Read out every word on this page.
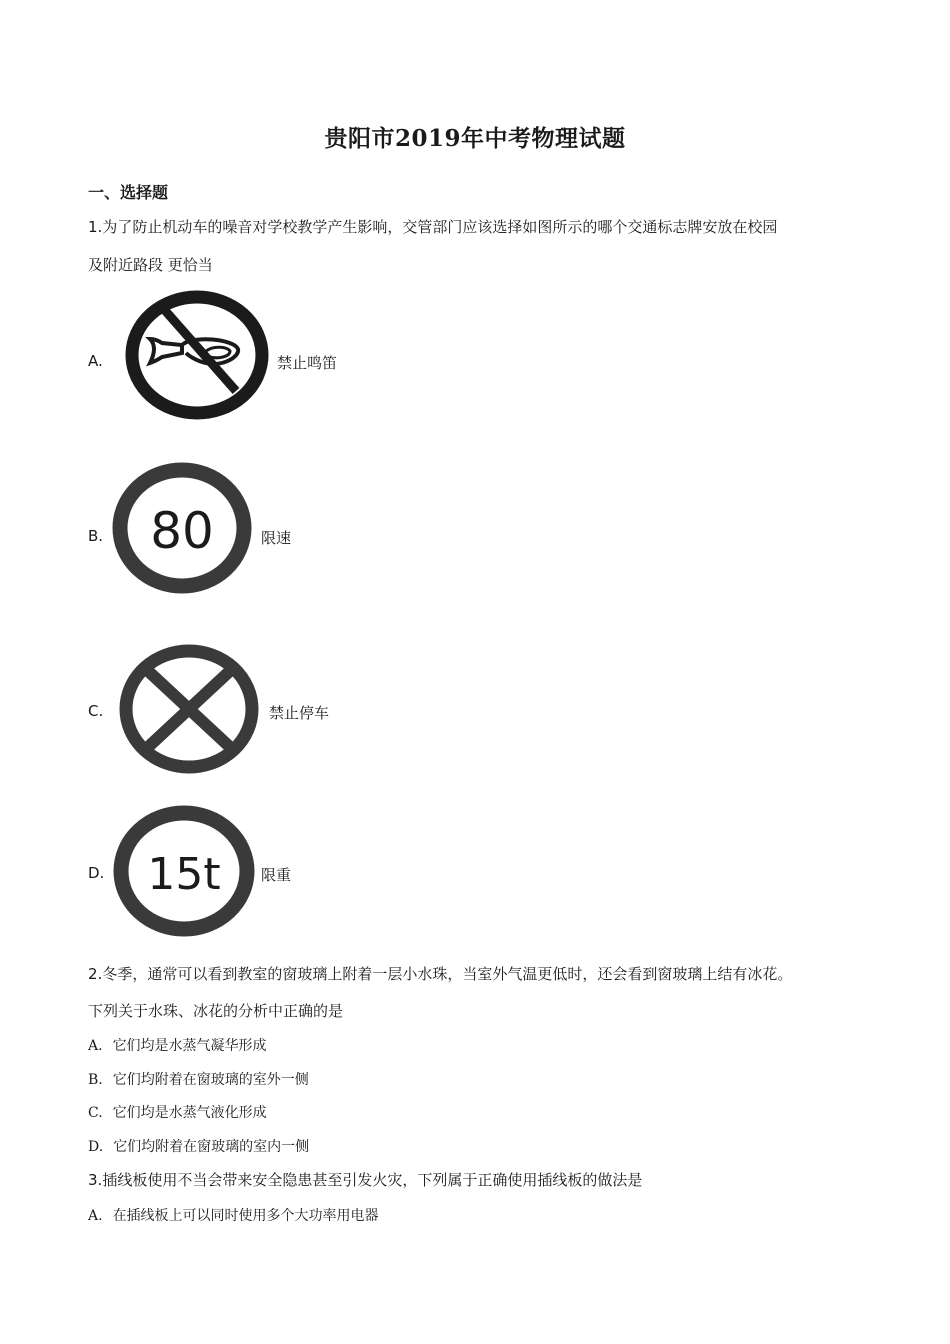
贵阳市2019年中考物理试题
一、选择题
1.为了防止机动车的噪音对学校教学产生影响，交管部门应该选择如图所示的哪个交通标志牌安放在校园
及附近路段 更恰当
A.	禁止鸣笛
B. 80	限速
C.	禁止停车
D. 15t	限重
2.冬季，通常可以看到教室的窗玻璃上附着一层小水珠，当室外气温更低时，还会看到窗玻璃上结有冰花。
下列关于水珠、冰花的分析中正确的是
A. 它们均是水蒸气凝华形成
B. 它们均附着在窗玻璃的室外一侧
C. 它们均是水蒸气液化形成
D. 它们均附着在窗玻璃的室内一侧
3.插线板使用不当会带来安全隐患甚至引发火灾，下列属于正确使用插线板的做法是
A. 在插线板上可以同时使用多个大功率用电器
